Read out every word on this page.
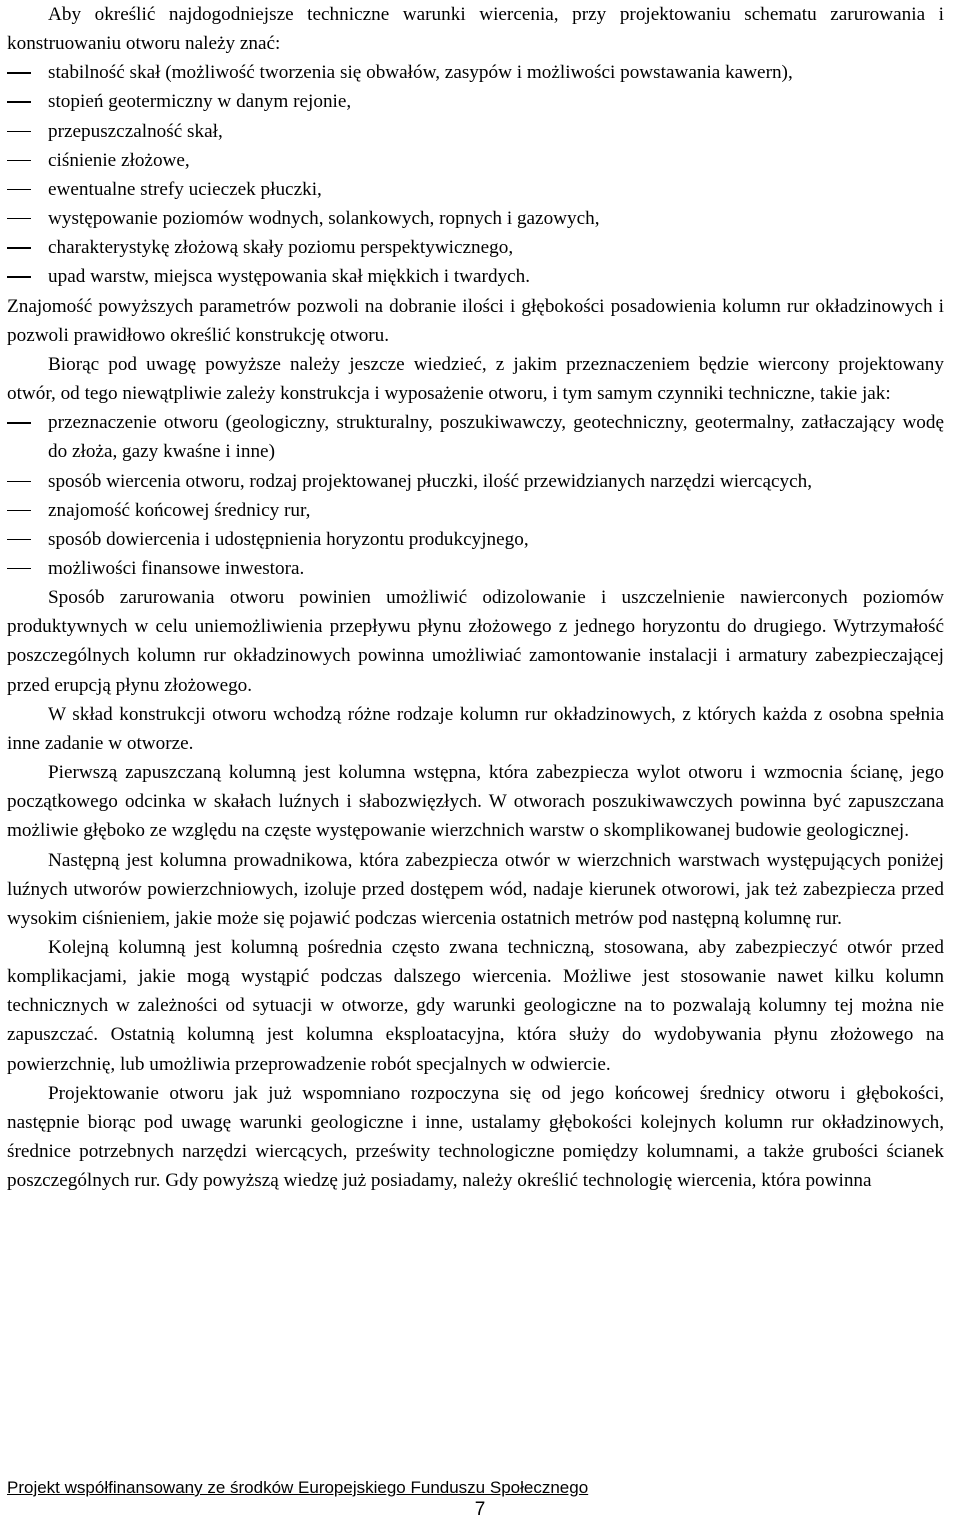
Aby określić najdogodniejsze techniczne warunki wiercenia, przy projektowaniu schematu zarurowania i konstruowaniu otworu należy znać:

stabilność skał (możliwość tworzenia się obwałów, zasypów i możliwości powstawania kawern),
stopień geotermiczny w danym rejonie,
przepuszczalność skał,
ciśnienie złożowe,
ewentualne strefy ucieczek płuczki,
występowanie poziomów wodnych, solankowych, ropnych i gazowych,
charakterystykę złożową skały poziomu perspektywicznego,
upad warstw, miejsca występowania skał miękkich i twardych.

Znajomość powyższych parametrów pozwoli na dobranie ilości i głębokości posadowienia kolumn rur okładzinowych i pozwoli prawidłowo określić konstrukcję otworu.

Biorąc pod uwagę powyższe należy jeszcze wiedzieć, z jakim przeznaczeniem będzie wiercony projektowany otwór, od tego niewątpliwie zależy konstrukcja i wyposażenie otworu, i tym samym czynniki techniczne, takie jak:

przeznaczenie otworu (geologiczny, strukturalny, poszukiwawczy, geotechniczny, geotermalny, zatłaczający wodę do złoża, gazy kwaśne i inne)
sposób wiercenia otworu, rodzaj projektowanej płuczki, ilość przewidzianych narzędzi wiercących,
znajomość końcowej średnicy rur,
sposób dowiercenia i udostępnienia horyzontu produkcyjnego,
możliwości finansowe inwestora.

Sposób zarurowania otworu powinien umożliwić odizolowanie i uszczelnienie nawierconych poziomów produktywnych w celu uniemożliwienia przepływu płynu złożowego z jednego horyzontu do drugiego. Wytrzymałość poszczególnych kolumn rur okładzinowych powinna umożliwiać zamontowanie instalacji i armatury zabezpieczającej przed erupcją płynu złożowego.

W skład konstrukcji otworu wchodzą różne rodzaje kolumn rur okładzinowych, z których każda z osobna spełnia inne zadanie w otworze.

Pierwszą zapuszczaną kolumną jest kolumna wstępna, która zabezpiecza wylot otworu i wzmocnia ścianę, jego początkowego odcinka w skałach luźnych i słabozwięzłych. W otworach poszukiwawczych powinna być zapuszczana możliwie głęboko ze względu na częste występowanie wierzchnich warstw o skomplikowanej budowie geologicznej.

Następną jest kolumna prowadnikowa, która zabezpiecza otwór w wierzchnich warstwach występujących poniżej luźnych utworów powierzchniowych, izoluje przed dostępem wód, nadaje kierunek otworowi, jak też zabezpiecza przed wysokim ciśnieniem, jakie może się pojawić podczas wiercenia ostatnich metrów pod następną kolumnę rur.

Kolejną kolumną jest kolumną pośrednia często zwana techniczną, stosowana, aby zabezpieczyć otwór przed komplikacjami, jakie mogą wystąpić podczas dalszego wiercenia. Możliwe jest stosowanie nawet kilku kolumn technicznych w zależności od sytuacji w otworze, gdy warunki geologiczne na to pozwalają kolumny tej można nie zapuszczać. Ostatnią kolumną jest kolumna eksploatacyjna, która służy do wydobywania płynu złożowego na powierzchnię, lub umożliwia przeprowadzenie robót specjalnych w odwiercie.

Projektowanie otworu jak już wspomniano rozpoczyna się od jego końcowej średnicy otworu i głębokości, następnie biorąc pod uwagę warunki geologiczne i inne, ustalamy głębokości kolejnych kolumn rur okładzinowych, średnice potrzebnych narzędzi wiercących, prześwity technologiczne pomiędzy kolumnami, a także grubości ścianek poszczególnych rur. Gdy powyższą wiedzę już posiadamy, należy określić technologię wiercenia, która powinna

Projekt współfinansowany ze środków Europejskiego Funduszu Społecznego
7
